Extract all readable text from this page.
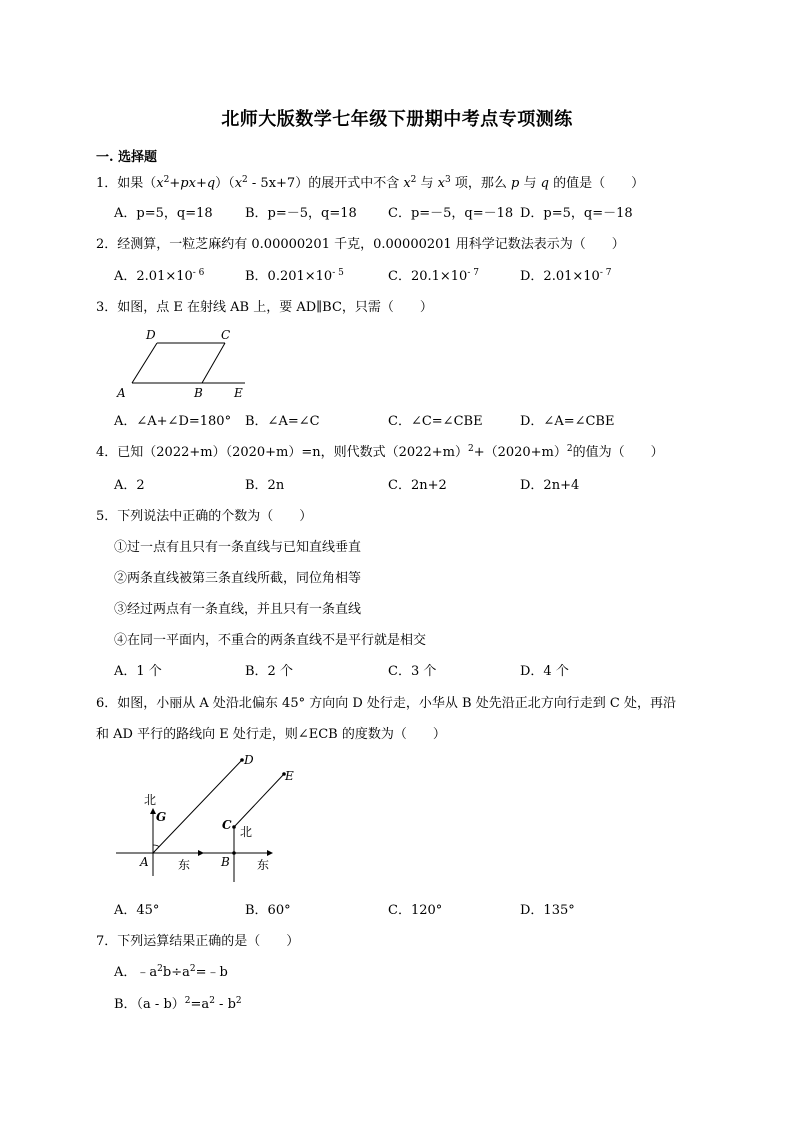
北师大版数学七年级下册期中考点专项测练
一. 选择题
1．如果$(x^2+px+q)(x^2 - 5x+7)$的展开式中不含 $x^2$ 与 $x^3$ 项，那么 p 与 q 的值是（　　）
A．p=5，q=18 B．p=－5，q=18 C．p=－5，q=－18 D．p=5，q=－18
2．经测算，一粒芝麻约有 0.00000201 千克，0.00000201 用科学记数法表示为（　　）
A．$2.01\times 10^{- 6}$	B．$0.201\times 10^{- 5}$	C．$20.1\times 10^{- 7}$	D．$2.01\times 10^{- 7}$
3．如图，点 E 在射线 AB 上，要 AD∥BC，只需（　　）
D	C
A	B	E
A．∠A+∠D=180° B．∠A=∠C	C．∠C=∠CBE	D．∠A=∠CBE
4．已知（2022+m）（2020+m）=n，则代数式$(2022+m)^2+(2020+m)^2$的值为（　　）
A．2	B．2n	C．2n+2	D．2n+4
5．下列说法中正确的个数为（　　）
①过一点有且只有一条直线与已知直线垂直
②两条直线被第三条直线所截，同位角相等
③经过两点有一条直线，并且只有一条直线
④在同一平面内，不重合的两条直线不是平行就是相交
A．1 个	B．2 个	C．3 个	D．4 个
6．如图，小丽从 A 处沿北偏东 45° 方向向 D 处行走，小华从 B 处先沿正北方向行走到 C 处，再沿
和 AD 平行的路线向 E 处行走，则∠ECB 的度数为（　　）
D
E
北
G
C 北
A 东	B 东
A．45°	B．60°	C．120°	D．135°
7．下列运算结果正确的是（　　）
A．$﹣a^2b\div a^2=﹣b$
B．$(a - b)^2=a^2 - b^2$
